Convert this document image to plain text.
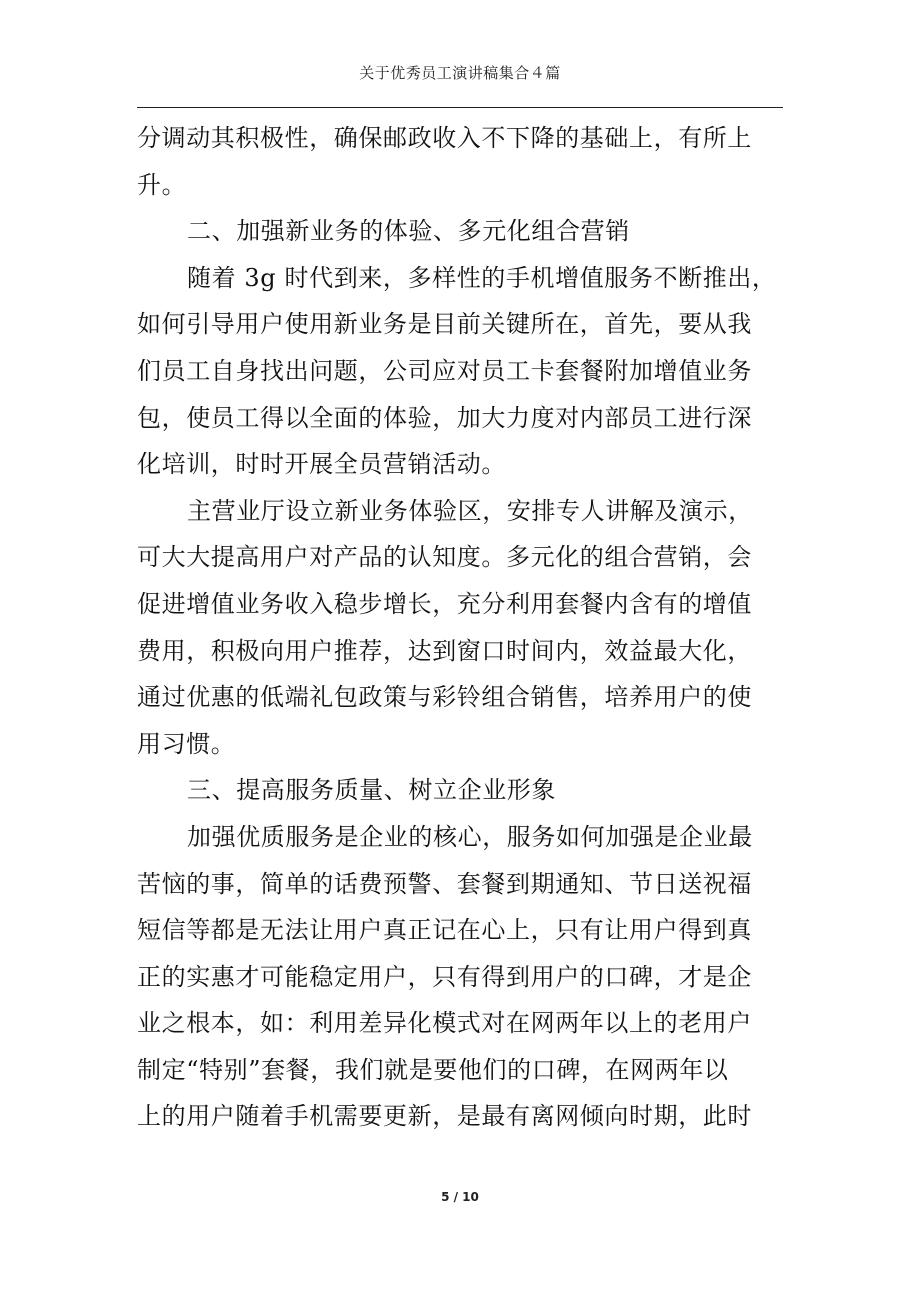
关于优秀员工演讲稿集合４篇
分调动其积极性，确保邮政收入不下降的基础上，有所上
升。
二、加强新业务的体验、多元化组合营销
随着 3g 时代到来，多样性的手机增值服务不断推出，
如何引导用户使用新业务是目前关键所在，首先，要从我
们员工自身找出问题，公司应对员工卡套餐附加增值业务
包，使员工得以全面的体验，加大力度对内部员工进行深
化培训，时时开展全员营销活动。
主营业厅设立新业务体验区，安排专人讲解及演示，
可大大提高用户对产品的认知度。多元化的组合营销，会
促进增值业务收入稳步增长，充分利用套餐内含有的增值
费用，积极向用户推荐，达到窗口时间内，效益最大化，
通过优惠的低端礼包政策与彩铃组合销售，培养用户的使
用习惯。
三、提高服务质量、树立企业形象
加强优质服务是企业的核心，服务如何加强是企业最
苦恼的事，简单的话费预警、套餐到期通知、节日送祝福
短信等都是无法让用户真正记在心上，只有让用户得到真
正的实惠才可能稳定用户，只有得到用户的口碑，才是企
业之根本，如：利用差异化模式对在网两年以上的老用户
制定“特别”套餐，我们就是要他们的口碑，在网两年以
上的用户随着手机需要更新，是最有离网倾向时期，此时
5 / 10
